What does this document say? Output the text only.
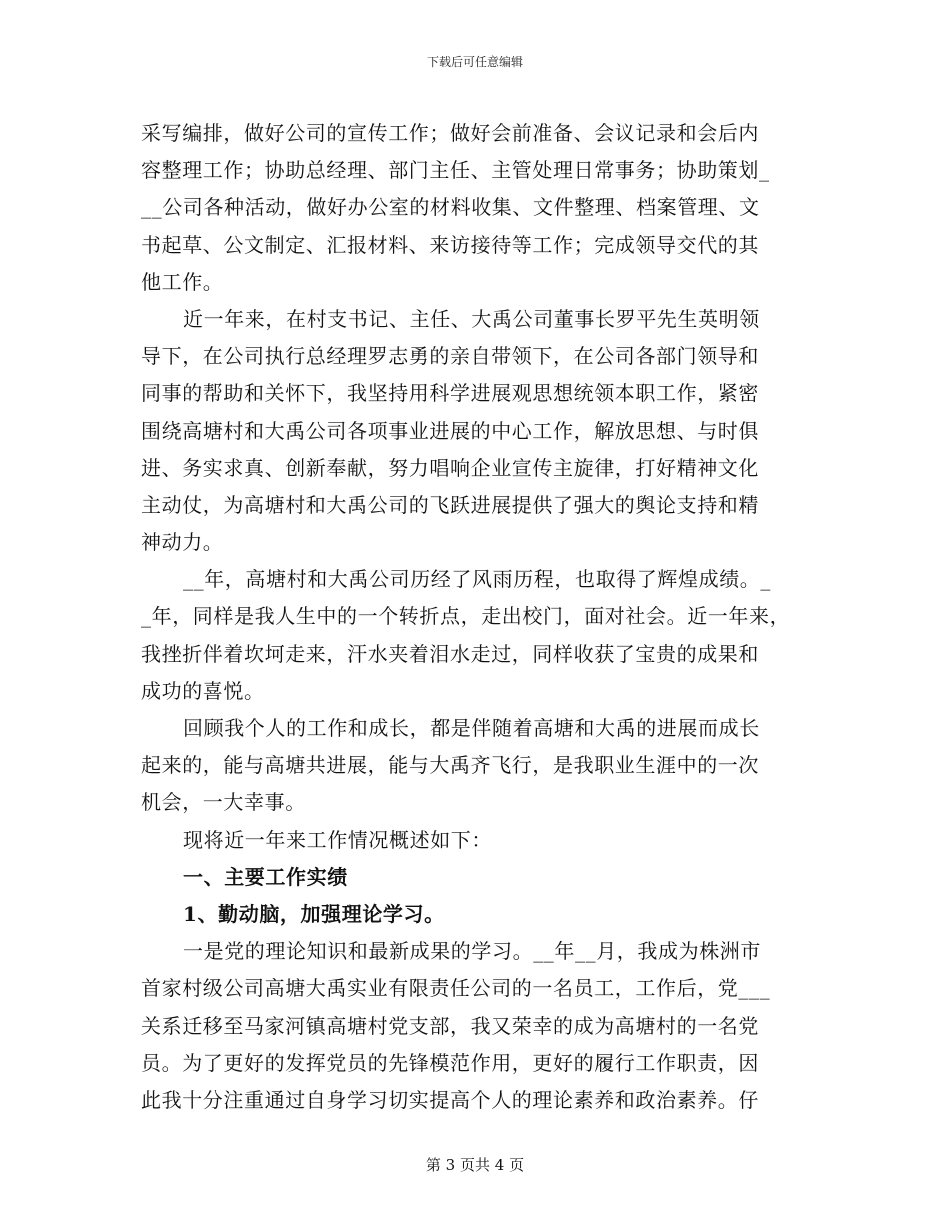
下载后可任意编辑
采写编排，做好公司的宣传工作；做好会前准备、会议记录和会后内
容整理工作；协助总经理、部门主任、主管处理日常事务；协助策划_
__公司各种活动，做好办公室的材料收集、文件整理、档案管理、文
书起草、公文制定、汇报材料、来访接待等工作；完成领导交代的其
他工作。
近一年来，在村支书记、主任、大禹公司董事长罗平先生英明领
导下，在公司执行总经理罗志勇的亲自带领下，在公司各部门领导和
同事的帮助和关怀下，我坚持用科学进展观思想统领本职工作，紧密
围绕高塘村和大禹公司各项事业进展的中心工作，解放思想、与时俱
进、务实求真、创新奉献，努力唱响企业宣传主旋律，打好精神文化
主动仗，为高塘村和大禹公司的飞跃进展提供了强大的舆论支持和精
神动力。
__年，高塘村和大禹公司历经了风雨历程，也取得了辉煌成绩。_
_年，同样是我人生中的一个转折点，走出校门，面对社会。近一年来，
我挫折伴着坎坷走来，汗水夹着泪水走过，同样收获了宝贵的成果和
成功的喜悦。
回顾我个人的工作和成长，都是伴随着高塘和大禹的进展而成长
起来的，能与高塘共进展，能与大禹齐飞行，是我职业生涯中的一次
机会，一大幸事。
现将近一年来工作情况概述如下：
一、主要工作实绩
1、勤动脑，加强理论学习。
一是党的理论知识和最新成果的学习。__年__月，我成为株洲市
首家村级公司高塘大禹实业有限责任公司的一名员工，工作后，党___
关系迁移至马家河镇高塘村党支部，我又荣幸的成为高塘村的一名党
员。为了更好的发挥党员的先锋模范作用，更好的履行工作职责，因
此我十分注重通过自身学习切实提高个人的理论素养和政治素养。仔
第 3 页共 4 页
